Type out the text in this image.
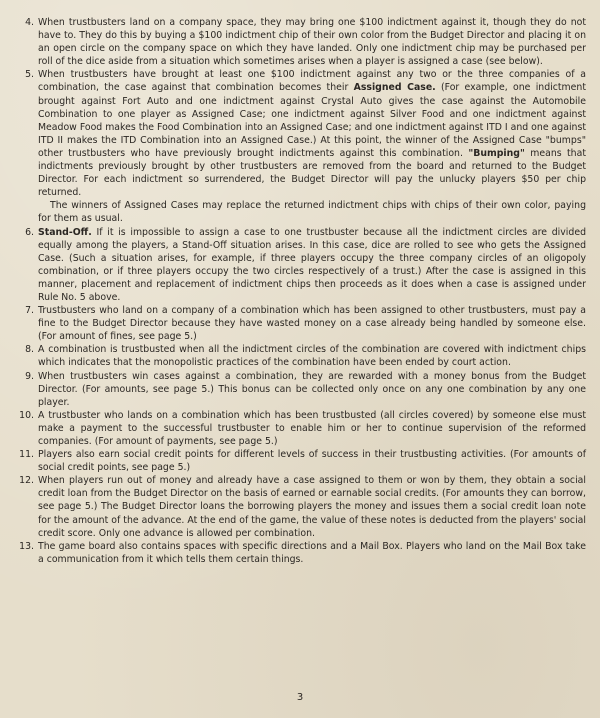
4. When trustbusters land on a company space, they may bring one $100 indictment against it, though they do not have to. They do this by buying a $100 indictment chip of their own color from the Budget Director and placing it on an open circle on the company space on which they have landed. Only one indictment chip may be purchased per roll of the dice aside from a situation which sometimes arises when a player is assigned a case (see below).

5. When trustbusters have brought at least one $100 indictment against any two or the three companies of a combination, the case against that combination becomes their Assigned Case. (For example, one indictment brought against Fort Auto and one indictment against Crystal Auto gives the case against the Automobile Combination to one player as Assigned Case; one indictment against Silver Food and one indictment against Meadow Food makes the Food Combination into an Assigned Case; and one indictment against ITD I and one against ITD II makes the ITD Combination into an Assigned Case.) At this point, the winner of the Assigned Case "bumps" other trustbusters who have previously brought indictments against this combination. "Bumping" means that indictments previously brought by other trustbusters are removed from the board and returned to the Budget Director. For each indictment so surrendered, the Budget Director will pay the unlucky players $50 per chip returned.

The winners of Assigned Cases may replace the returned indictment chips with chips of their own color, paying for them as usual.

6. Stand-Off. If it is impossible to assign a case to one trustbuster because all the indictment circles are divided equally among the players, a Stand-Off situation arises. In this case, dice are rolled to see who gets the Assigned Case. (Such a situation arises, for example, if three players occupy the three company circles of an oligopoly combination, or if three players occupy the two circles respectively of a trust.) After the case is assigned in this manner, placement and replacement of indictment chips then proceeds as it does when a case is assigned under Rule No. 5 above.

7. Trustbusters who land on a company of a combination which has been assigned to other trustbusters, must pay a fine to the Budget Director because they have wasted money on a case already being handled by someone else. (For amount of fines, see page 5.)

8. A combination is trustbusted when all the indictment circles of the combination are covered with indictment chips which indicates that the monopolistic practices of the combination have been ended by court action.

9. When trustbusters win cases against a combination, they are rewarded with a money bonus from the Budget Director. (For amounts, see page 5.) This bonus can be collected only once on any one combination by any one player.

10. A trustbuster who lands on a combination which has been trustbusted (all circles covered) by someone else must make a payment to the successful trustbuster to enable him or her to continue supervision of the reformed companies. (For amount of payments, see page 5.)

11. Players also earn social credit points for different levels of success in their trustbusting activities. (For amounts of social credit points, see page 5.)

12. When players run out of money and already have a case assigned to them or won by them, they obtain a social credit loan from the Budget Director on the basis of earned or earnable social credits. (For amounts they can borrow, see page 5.) The Budget Director loans the borrowing players the money and issues them a social credit loan note for the amount of the advance. At the end of the game, the value of these notes is deducted from the players' social credit score. Only one advance is allowed per combination.

13. The game board also contains spaces with specific directions and a Mail Box. Players who land on the Mail Box take a communication from it which tells them certain things.

3
